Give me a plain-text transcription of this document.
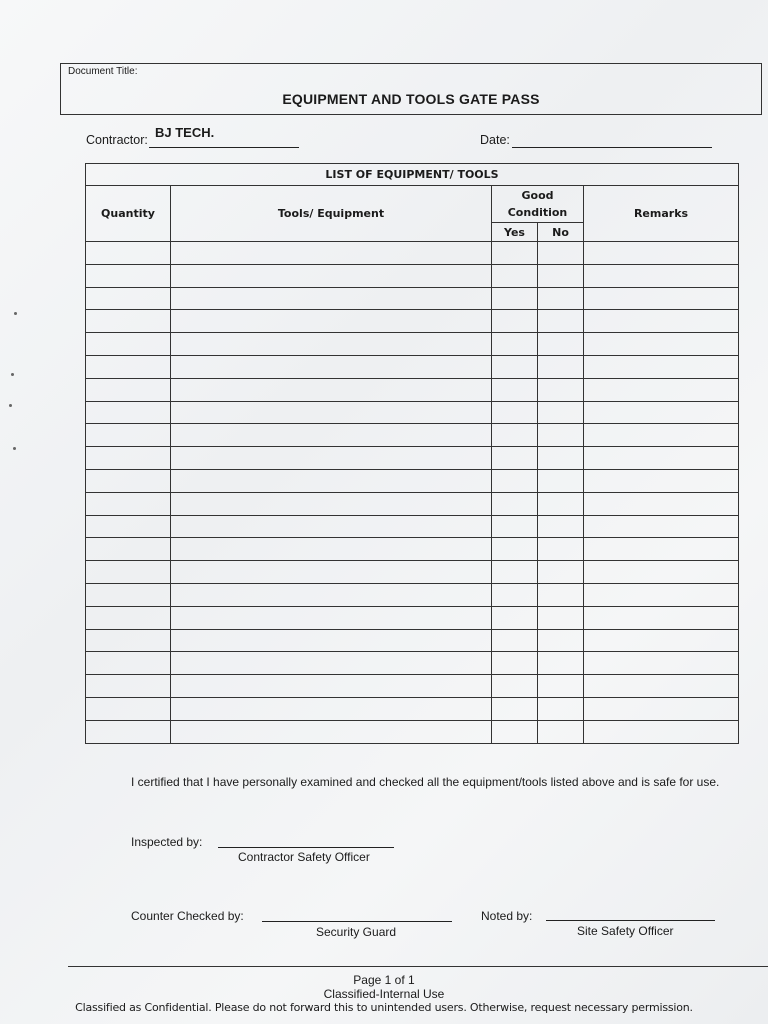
Document Title:
EQUIPMENT AND TOOLS GATE PASS
Contractor: BJ TECH.	Date:
LIST OF EQUIPMENT/ TOOLS				
Quantity	Tools/ Equipment	Good Condition		Remarks
		Yes	No	

I certified that I have personally examined and checked all the equipment/tools listed above and is safe for use.
Inspected by:
Contractor Safety Officer
Counter Checked by:
Security Guard
Noted by:
Site Safety Officer
Page 1 of 1
Classified-Internal Use
Classified as Confidential. Please do not forward this to unintended users. Otherwise, request necessary permission.
